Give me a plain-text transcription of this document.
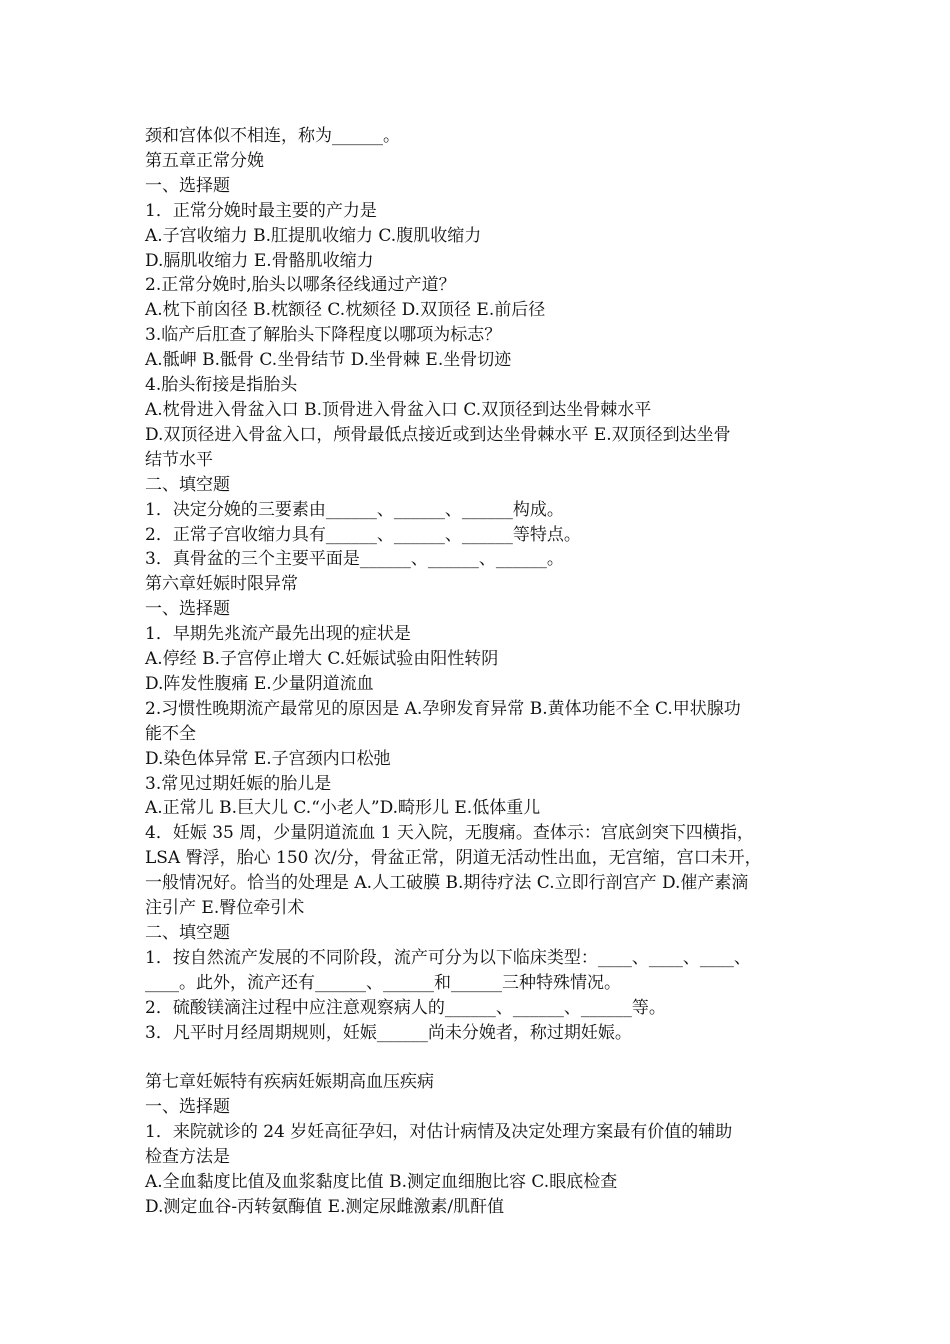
颈和宫体似不相连，称为______。
第五章正常分娩
一、选择题
1．正常分娩时最主要的产力是
A.子宫收缩力 B.肛提肌收缩力 C.腹肌收缩力
D.膈肌收缩力 E.骨骼肌收缩力
2.正常分娩时,胎头以哪条径线通过产道？
A.枕下前囟径 B.枕额径 C.枕颏径 D.双顶径 E.前后径
3.临产后肛查了解胎头下降程度以哪项为标志？
A.骶岬 B.骶骨 C.坐骨结节 D.坐骨棘 E.坐骨切迹
4.胎头衔接是指胎头
A.枕骨进入骨盆入口 B.顶骨进入骨盆入口 C.双顶径到达坐骨棘水平
D.双顶径进入骨盆入口，颅骨最低点接近或到达坐骨棘水平 E.双顶径到达坐骨
结节水平
二、填空题
1．决定分娩的三要素由______、______、______构成。
2．正常子宫收缩力具有______、______、______等特点。
3．真骨盆的三个主要平面是______、______、______。
第六章妊娠时限异常
一、选择题
1．早期先兆流产最先出现的症状是
A.停经 B.子宫停止增大 C.妊娠试验由阳性转阴
D.阵发性腹痛 E.少量阴道流血
2.习惯性晚期流产最常见的原因是 A.孕卵发育异常 B.黄体功能不全 C.甲状腺功
能不全
D.染色体异常 E.子宫颈内口松弛
3.常见过期妊娠的胎儿是
A.正常儿 B.巨大儿 C.“小老人”D.畸形儿 E.低体重儿
4．妊娠 35 周，少量阴道流血 1 天入院，无腹痛。查体示：宫底剑突下四横指，
LSA 臀浮，胎心 150 次/分，骨盆正常，阴道无活动性出血，无宫缩，宫口未开，
一般情况好。恰当的处理是 A.人工破膜 B.期待疗法 C.立即行剖宫产 D.催产素滴
注引产 E.臀位牵引术
二、填空题
1．按自然流产发展的不同阶段，流产可分为以下临床类型：____、____、____、
____。此外，流产还有______、______和______三种特殊情况。
2．硫酸镁滴注过程中应注意观察病人的______、______、______等。
3．凡平时月经周期规则，妊娠______尚未分娩者，称过期妊娠。
第七章妊娠特有疾病妊娠期高血压疾病
一、选择题
1．来院就诊的 24 岁妊高征孕妇，对估计病情及决定处理方案最有价值的辅助
检查方法是
A.全血黏度比值及血浆黏度比值 B.测定血细胞比容 C.眼底检查
D.测定血谷-丙转氨酶值 E.测定尿雌激素/肌酐值
